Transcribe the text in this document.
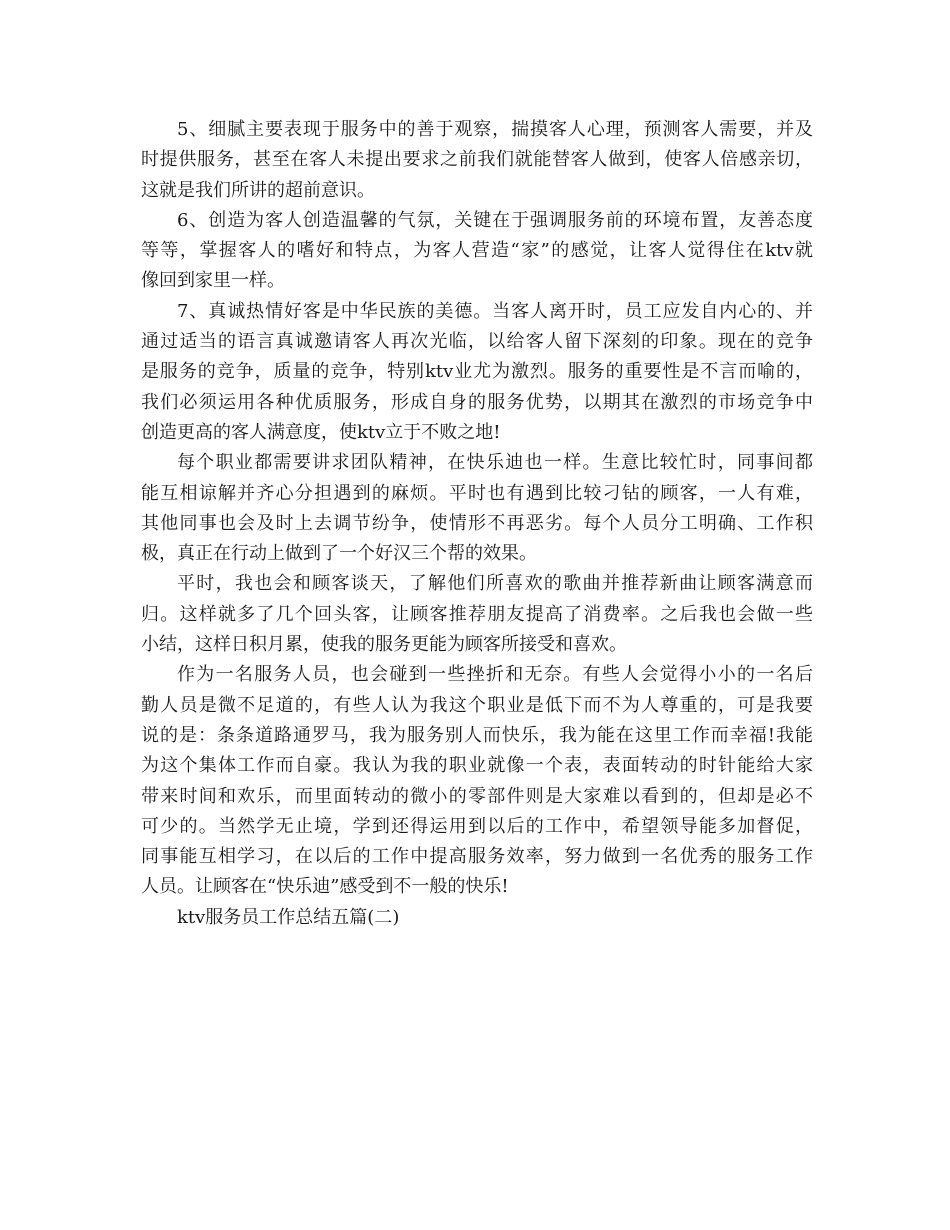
5、细腻主要表现于服务中的善于观察，揣摸客人心理，预测客人需要，并及
时提供服务，甚至在客人未提出要求之前我们就能替客人做到，使客人倍感亲切，
这就是我们所讲的超前意识。
6、创造为客人创造温馨的气氛，关键在于强调服务前的环境布置，友善态度
等等，掌握客人的嗜好和特点，为客人营造“家”的感觉，让客人觉得住在ktv就
像回到家里一样。
7、真诚热情好客是中华民族的美德。当客人离开时，员工应发自内心的、并
通过适当的语言真诚邀请客人再次光临，以给客人留下深刻的印象。现在的竞争
是服务的竞争，质量的竞争，特别ktv业尤为激烈。服务的重要性是不言而喻的，
我们必须运用各种优质服务，形成自身的服务优势，以期其在激烈的市场竞争中
创造更高的客人满意度，使ktv立于不败之地!
每个职业都需要讲求团队精神，在快乐迪也一样。生意比较忙时，同事间都
能互相谅解并齐心分担遇到的麻烦。平时也有遇到比较刁钻的顾客，一人有难，
其他同事也会及时上去调节纷争，使情形不再恶劣。每个人员分工明确、工作积
极，真正在行动上做到了一个好汉三个帮的效果。
平时，我也会和顾客谈天，了解他们所喜欢的歌曲并推荐新曲让顾客满意而
归。这样就多了几个回头客，让顾客推荐朋友提高了消费率。之后我也会做一些
小结，这样日积月累，使我的服务更能为顾客所接受和喜欢。
作为一名服务人员，也会碰到一些挫折和无奈。有些人会觉得小小的一名后
勤人员是微不足道的，有些人认为我这个职业是低下而不为人尊重的，可是我要
说的是：条条道路通罗马，我为服务别人而快乐，我为能在这里工作而幸福!我能
为这个集体工作而自豪。我认为我的职业就像一个表，表面转动的时针能给大家
带来时间和欢乐，而里面转动的微小的零部件则是大家难以看到的，但却是必不
可少的。当然学无止境，学到还得运用到以后的工作中，希望领导能多加督促，
同事能互相学习，在以后的工作中提高服务效率，努力做到一名优秀的服务工作
人员。让顾客在“快乐迪”感受到不一般的快乐!
ktv服务员工作总结五篇(二)
